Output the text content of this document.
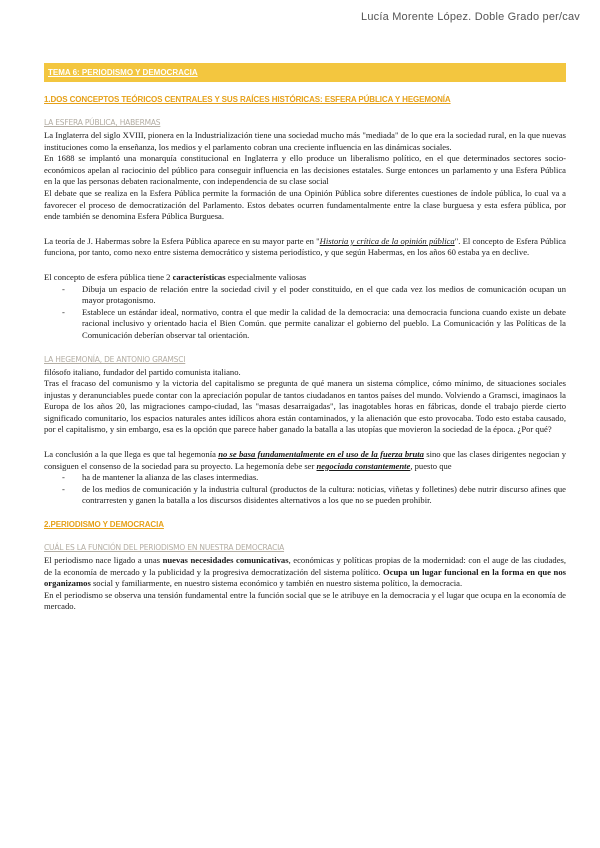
Lucía Morente López. Doble Grado per/cav
TEMA 6: PERIODISMO Y DEMOCRACIA
1.DOS CONCEPTOS TEÓRICOS CENTRALES Y SUS RAÍCES HISTÓRICAS: ESFERA PÚBLICA Y HEGEMONÍA
LA ESFERA PÚBLICA, HABERMAS

La Inglaterra del siglo XVIII, pionera en la Industrialización tiene una sociedad mucho más "mediada" de lo que era la sociedad rural, en la que nuevas instituciones como la enseñanza, los medios y el parlamento cobran una creciente influencia en las dinámicas sociales.

En 1688 se implantó una monarquía constitucional en Inglaterra y ello produce un liberalismo político, en el que determinados sectores socio-económicos apelan al raciocinio del público para conseguir influencia en las decisiones estatales. Surge entonces un parlamento y una Esfera Pública en la que las personas debaten racionalmente, con independencia de su clase social

El debate que se realiza en la Esfera Pública permite la formación de una Opinión Pública sobre diferentes cuestiones de índole pública, lo cual va a favorecer el proceso de democratización del Parlamento. Estos debates ocurren fundamentalmente entre la clase burguesa y esta esfera pública, por ende también se denomina Esfera Pública Burguesa.

La teoría de J. Habermas sobre la Esfera Pública aparece en su mayor parte en "Historia y crítica de la opinión pública". El concepto de Esfera Pública funciona, por tanto, como nexo entre sistema democrático y sistema periodístico, y que según Habermas, en los años 60 estaba ya en declive.

El concepto de esfera pública tiene 2 características especialmente valiosas

- Dibuja un espacio de relación entre la sociedad civil y el poder constituido, en el que cada vez los medios de comunicación ocupan un mayor protagonismo.
- Establece un estándar ideal, normativo, contra el que medir la calidad de la democracia: una democracia funciona cuando existe un debate racional inclusivo y orientado hacia el Bien Común. que permite canalizar el gobierno del pueblo. La Comunicación y las Políticas de la Comunicación deberían observar tal orientación.
LA HEGEMONÍA, DE ANTONIO GRAMSCI

filósofo italiano, fundador del partido comunista italiano.

Tras el fracaso del comunismo y la victoria del capitalismo se pregunta de qué manera un sistema cómplice, cómo mínimo, de situaciones sociales injustas y deranunciables puede contar con la apreciación popular de tantos ciudadanos en tantos países del mundo. Volviendo a Gramsci, imaginaos la Europa de los años 20, las migraciones campo-ciudad, las "masas desarraigadas", las inagotables horas en fábricas, donde el trabajo pierde cierto significado comunitario, los espacios naturales antes idílicos ahora están contaminados, y la alienación que esto provocaba. Todo esto estaba causado, por el capitalismo, y sin embargo, esa es la opción que parece haber ganado la batalla a las utopías que movieron la sociedad de la época. ¿Por qué?

La conclusión a la que llega es que tal hegemonía no se basa fundamentalmente en el uso de la fuerza bruta sino que las clases dirigentes negocian y consiguen el consenso de la sociedad para su proyecto. La hegemonía debe ser negociada constantemente, puesto que

- ha de mantener la alianza de las clases intermedias.
- de los medios de comunicación y la industria cultural (productos de la cultura: noticias, viñetas y folletines) debe nutrir discurso afines que contrarresten y ganen la batalla a los discursos disidentes alternativos a los que no se pueden prohibir.
2.PERIODISMO Y DEMOCRACIA
CUÁL ES LA FUNCIÓN DEL PERIODISMO EN NUESTRA DEMOCRACIA

El periodismo nace ligado a unas nuevas necesidades comunicativas, económicas y políticas propias de la modernidad: con el auge de las ciudades, de la economía de mercado y la publicidad y la progresiva democratización del sistema político. Ocupa un lugar funcional en la forma en que nos organizamos social y familiarmente, en nuestro sistema económico y también en nuestro sistema político, la democracia.

En el periodismo se observa una tensión fundamental entre la función social que se le atribuye en la democracia y el lugar que ocupa en la economía de mercado.
